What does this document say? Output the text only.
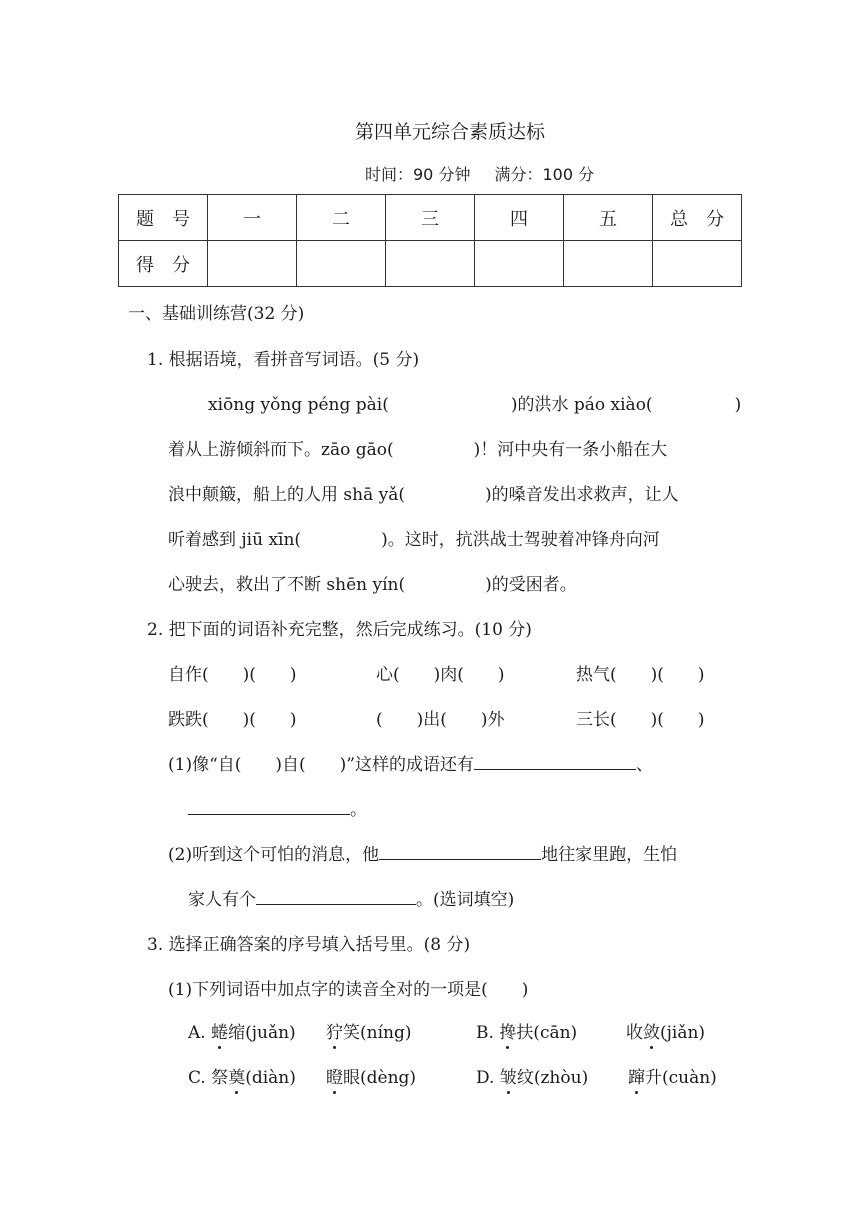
第四单元综合素质达标
时间：90 分钟 满分：100 分
题　号	一	二	三	四	五	总　分
得　分						
一、基础训练营(32 分)
1. 根据语境，看拼音写词语。(5 分)
xiōng yǒng péng pài(	)的洪水 páo xiào(	)
着从上游倾斜而下。zāo gāo(	)！河中央有一条小船在大
浪中颠簸，船上的人用 shā yǎ(	)的嗓音发出求救声，让人
听着感到 jiū xīn(	)。这时，抗洪战士驾驶着冲锋舟向河
心驶去，救出了不断 shēn yín(	)的受困者。
2. 把下面的词语补充完整，然后完成练习。(10 分)
自作(　　)(　　)	心(　　)肉(　　)	热气(　　)(　　)
跌跌(　　)(　　)	(　　)出(　　)外	三长(　　)(　　)
(1)像“自(　　)自(　　)”这样的成语还有	、
。
(2)听到这个可怕的消息，他	地往家里跑，生怕
家人有个	。(选词填空)
3. 选择正确答案的序号填入括号里。(8 分)
(1)下列词语中加点字的读音全对的一项是(　　)
A. 蜷缩(juǎn) 狞笑(níng)	B. 搀扶(cān)	收敛(jiǎn)
C. 祭奠(diàn) 瞪眼(dèng)	D. 皱纹(zhòu) 蹿升(cuàn)
